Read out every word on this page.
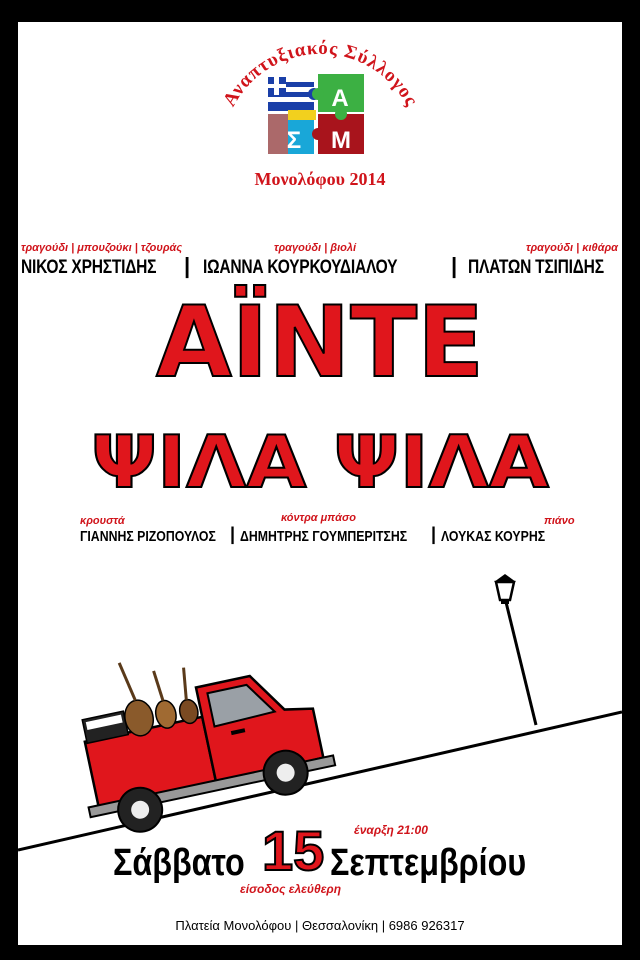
Αναπτυξιακός Σύλλογος
Α
Σ Μ
Μονολόφου 2014
τραγούδι | μπουζούκι | τζουράς
ΝΙΚΟΣ ΧΡΗΣΤΙΔΗΣ |
τραγούδι | βιολί
ΙΩΑΝΝΑ ΚΟΥΡΚΟΥΔΙΑΛΟΥ |
τραγούδι | κιθάρα
ΠΛΑΤΩΝ ΤΣΙΠΙΔΗΣ
ΑΪΝΤΕ
ΨΙΛΑ ΨΙΛΑ
κρουστά
ΓΙΑΝΝΗΣ ΡΙΖΟΠΟΥΛΟΣ |
κόντρα μπάσο
ΔΗΜΗΤΡΗΣ ΓΟΥΜΠΕΡΙΤΣΗΣ |
πιάνο
ΛΟΥΚΑΣ ΚΟΥΡΗΣ
Σάββατο 15 Σεπτεμβρίου
έναρξη 21:00
είσοδος ελεύθερη
Πλατεία Μονολόφου | Θεσσαλονίκη | 6986 926317
